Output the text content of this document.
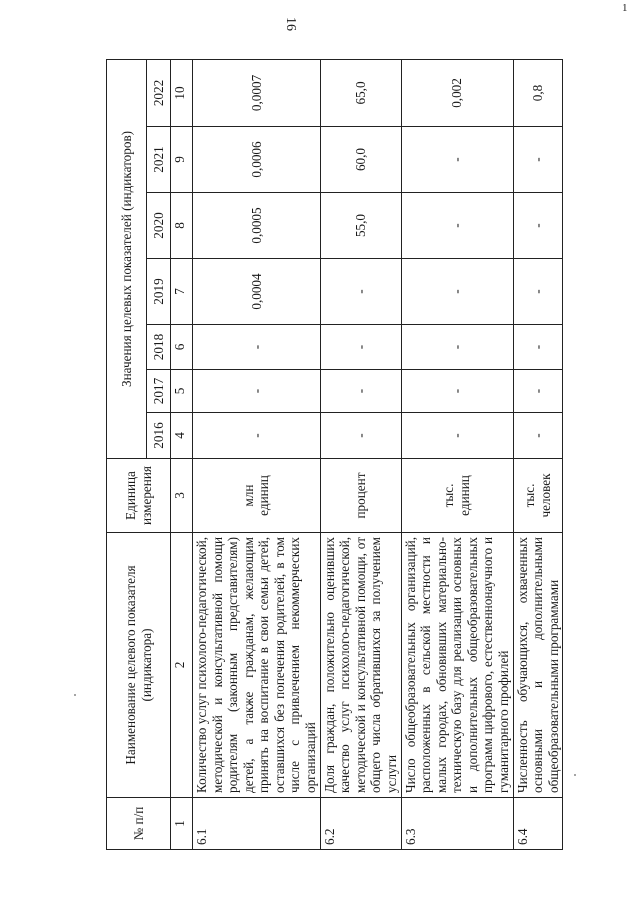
16
1
№ п/п	Наименование целевого показателя (индикатора)	Единица измерения	Значения целевых показателей (индикаторов)						
			2016	2017	2018	2019	2020	2021	2022
1	2	3	4	5	6	7	8	9	10
6.1	Количество услуг психолого-педагогической, методической и консультативной помощи родителям (законным представителям) детей, а также гражданам, желающим принять на воспитание в свои семьи детей, оставшихся без попечения родителей, в том числе с привлечением некоммерческих организаций	млн единиц	-	-	-	0,0004	0,0005	0,0006	0,0007
6.2	Доля граждан, положительно оценивших качество услуг психолого-педагогической, методической и консультативной помощи, от общего числа обратившихся за получением услуги	процент	-	-	-	-	55,0	60,0	65,0
6.3	Число общеобразовательных организаций, расположенных в сельской местности и малых городах, обновивших материально-техническую базу для реализации основных и дополнительных общеобразовательных программ цифрового, естественнонаучного и гуманитарного профилей	тыс. единиц	-	-	-	-	-	-	0,002
6.4	Численность обучающихся, охваченных основными и дополнительными общеобразовательными программами	тыс. человек	-	-	-	-	-	-	0,8
